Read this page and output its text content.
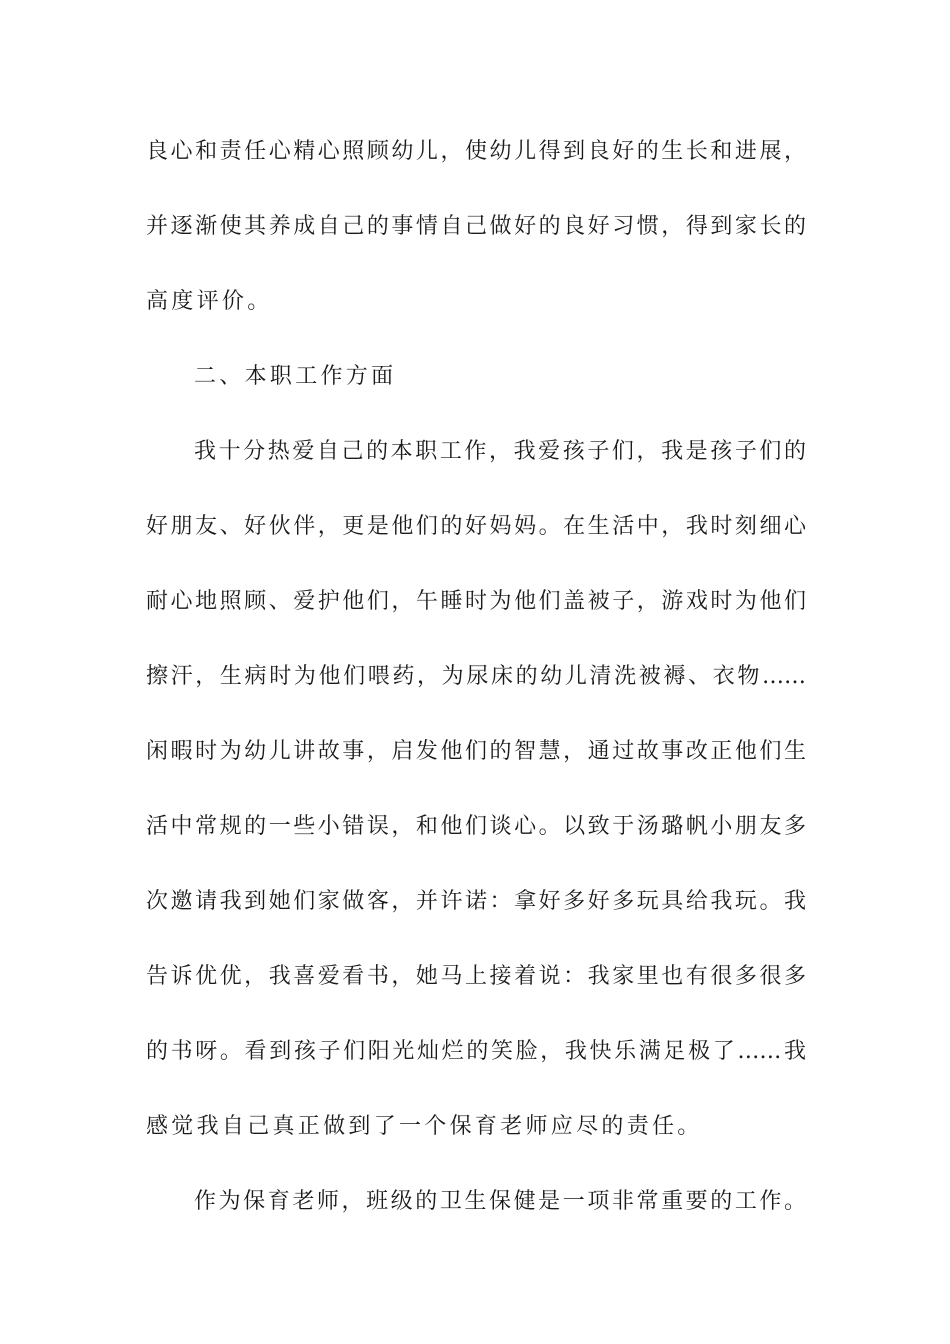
良心和责任心精心照顾幼儿，使幼儿得到良好的生长和进展，
并逐渐使其养成自己的事情自己做好的良好习惯，得到家长的
高度评价。
二、本职工作方面
我十分热爱自己的本职工作，我爱孩子们，我是孩子们的
好朋友、好伙伴，更是他们的好妈妈。在生活中，我时刻细心
耐心地照顾、爱护他们，午睡时为他们盖被子，游戏时为他们
擦汗，生病时为他们喂药，为尿床的幼儿清洗被褥、衣物……
闲暇时为幼儿讲故事，启发他们的智慧，通过故事改正他们生
活中常规的一些小错误，和他们谈心。以致于汤璐帆小朋友多
次邀请我到她们家做客，并许诺：拿好多好多玩具给我玩。我
告诉优优，我喜爱看书，她马上接着说：我家里也有很多很多
的书呀。看到孩子们阳光灿烂的笑脸，我快乐满足极了……我
感觉我自己真正做到了一个保育老师应尽的责任。
作为保育老师，班级的卫生保健是一项非常重要的工作。
